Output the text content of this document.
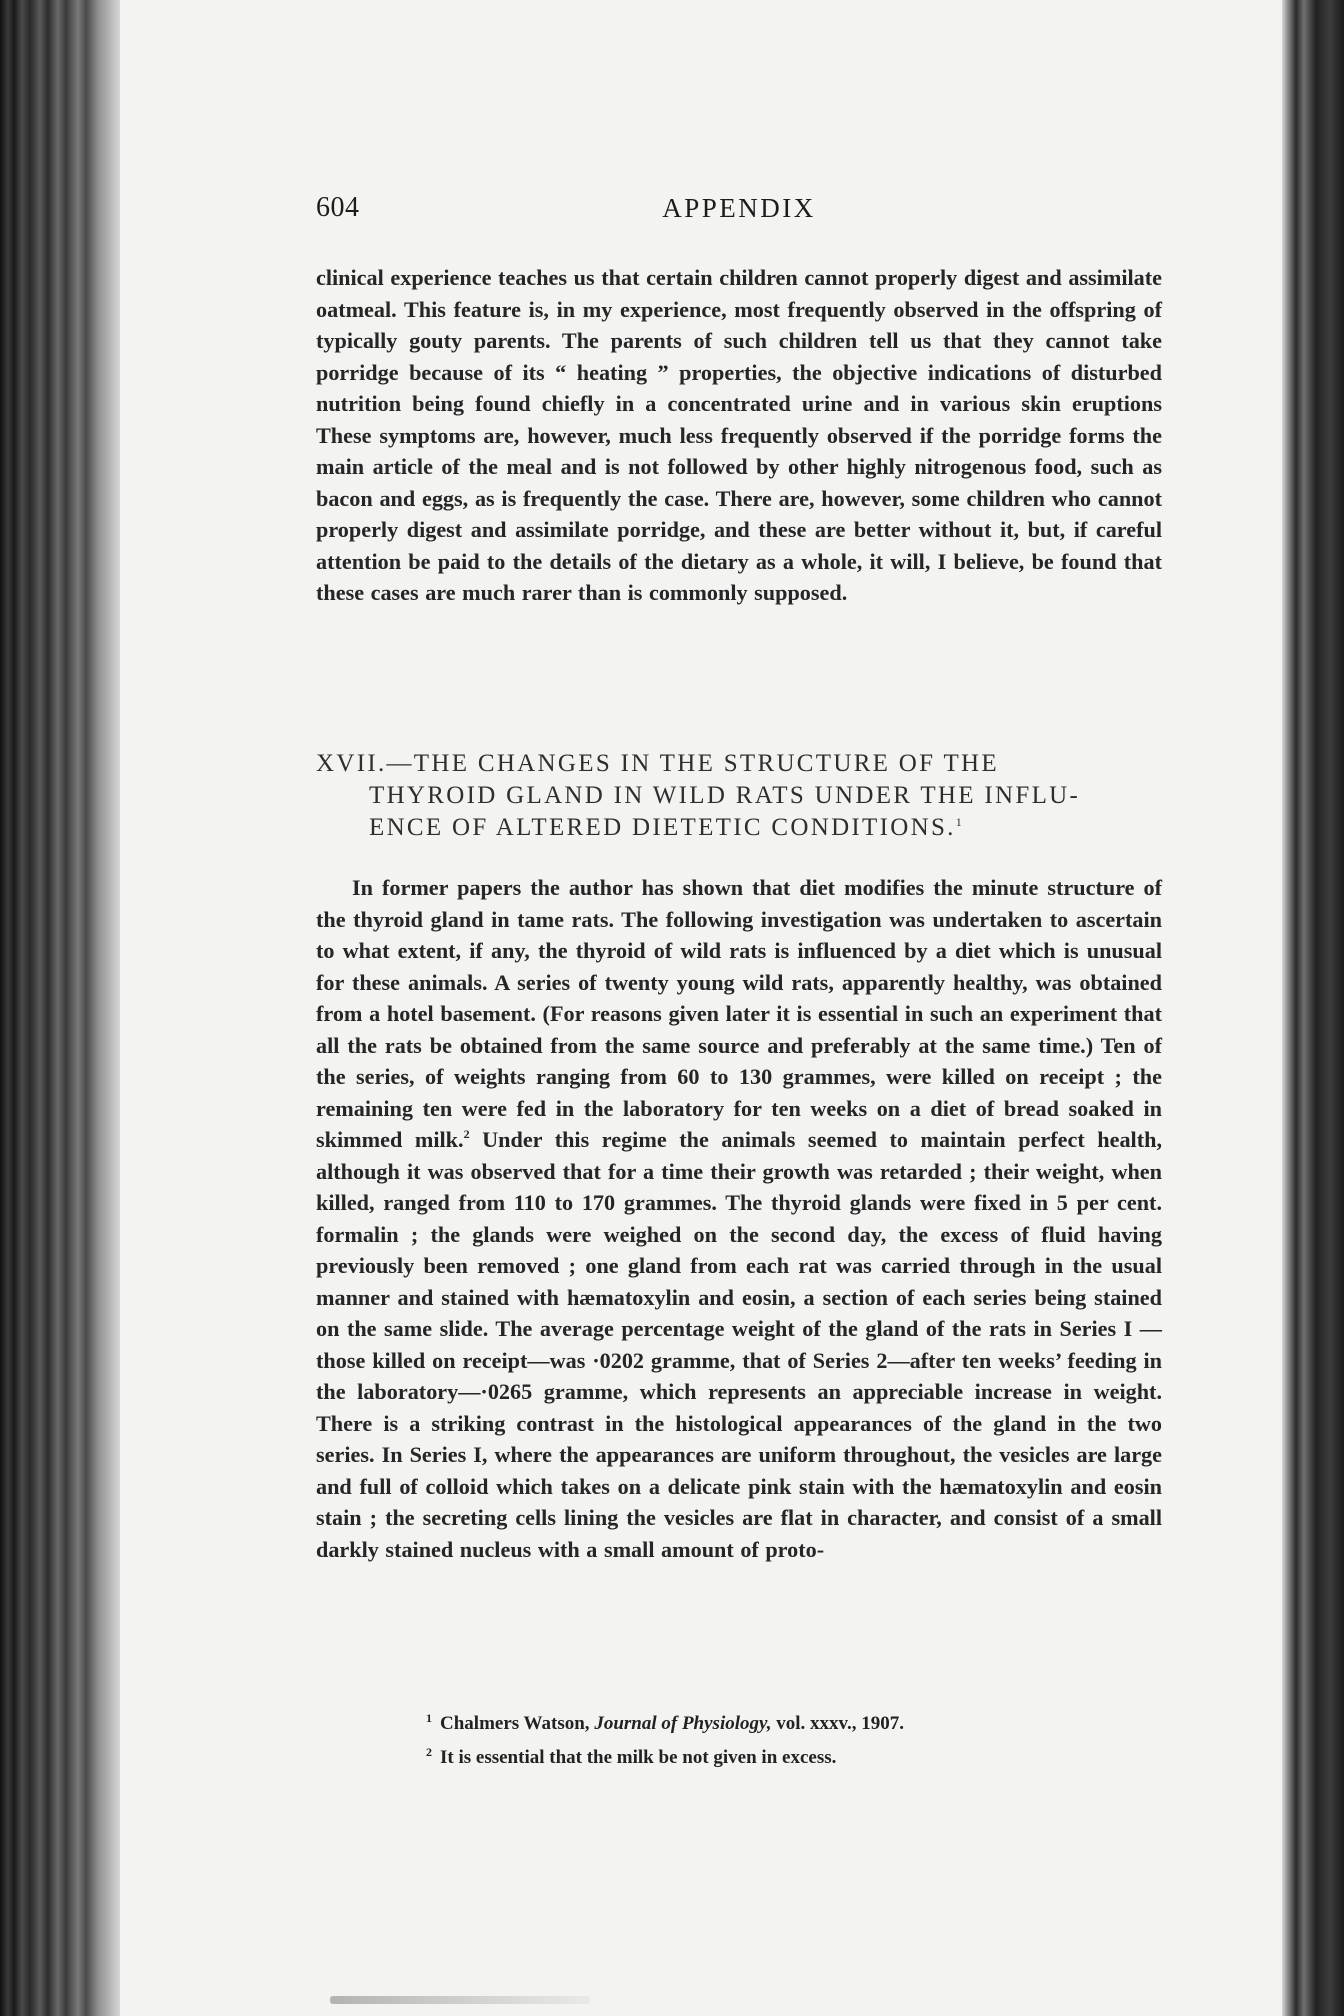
604	APPENDIX

clinical experience teaches us that certain children cannot properly digest and assimilate oatmeal. This feature is, in my experience, most frequently observed in the offspring of typically gouty parents. The parents of such children tell us that they cannot take porridge because of its “ heating ” properties, the objective indications of disturbed nutrition being found chiefly in a concentrated urine and in various skin eruptions These symptoms are, however, much less frequently observed if the porridge forms the main article of the meal and is not followed by other highly nitrogenous food, such as bacon and eggs, as is frequently the case. There are, however, some children who cannot properly digest and assimilate porridge, and these are better without it, but, if careful attention be paid to the details of the dietary as a whole, it will, I believe, be found that these cases are much rarer than is commonly supposed.

XVII.—THE CHANGES IN THE STRUCTURE OF THE
THYROID GLAND IN WILD RATS UNDER THE INFLU-
ENCE OF ALTERED DIETETIC CONDITIONS.$^1$

In former papers the author has shown that diet modifies the minute structure of the thyroid gland in tame rats. The following investigation was undertaken to ascertain to what extent, if any, the thyroid of wild rats is influenced by a diet which is unusual for these animals. A series of twenty young wild rats, apparently healthy, was obtained from a hotel basement. (For reasons given later it is essential in such an experiment that all the rats be obtained from the same source and preferably at the same time.) Ten of the series, of weights ranging from 60 to 130 grammes, were killed on receipt ; the remaining ten were fed in the laboratory for ten weeks on a diet of bread soaked in skimmed milk.$^2$ Under this regime the animals seemed to maintain perfect health, although it was observed that for a time their growth was retarded ; their weight, when killed, ranged from 110 to 170 grammes. The thyroid glands were fixed in 5 per cent. formalin ; the glands were weighed on the second day, the excess of fluid having previously been removed ; one gland from each rat was carried through in the usual manner and stained with hæmatoxylin and eosin, a section of each series being stained on the same slide. The average percentage weight of the gland of the rats in Series I —those killed on receipt—was ·0202 gramme, that of Series 2—after ten weeks’ feeding in the laboratory—·0265 gramme, which represents an appreciable increase in weight. There is a striking contrast in the histological appearances of the gland in the two series. In Series I, where the appearances are uniform throughout, the vesicles are large and full of colloid which takes on a delicate pink stain with the hæmatoxylin and eosin stain ; the secreting cells lining the vesicles are flat in character, and consist of a small darkly stained nucleus with a small amount of proto-

$^1$ Chalmers Watson, Journal of Physiology, vol. xxxv., 1907.
$^2$ It is essential that the milk be not given in excess.
